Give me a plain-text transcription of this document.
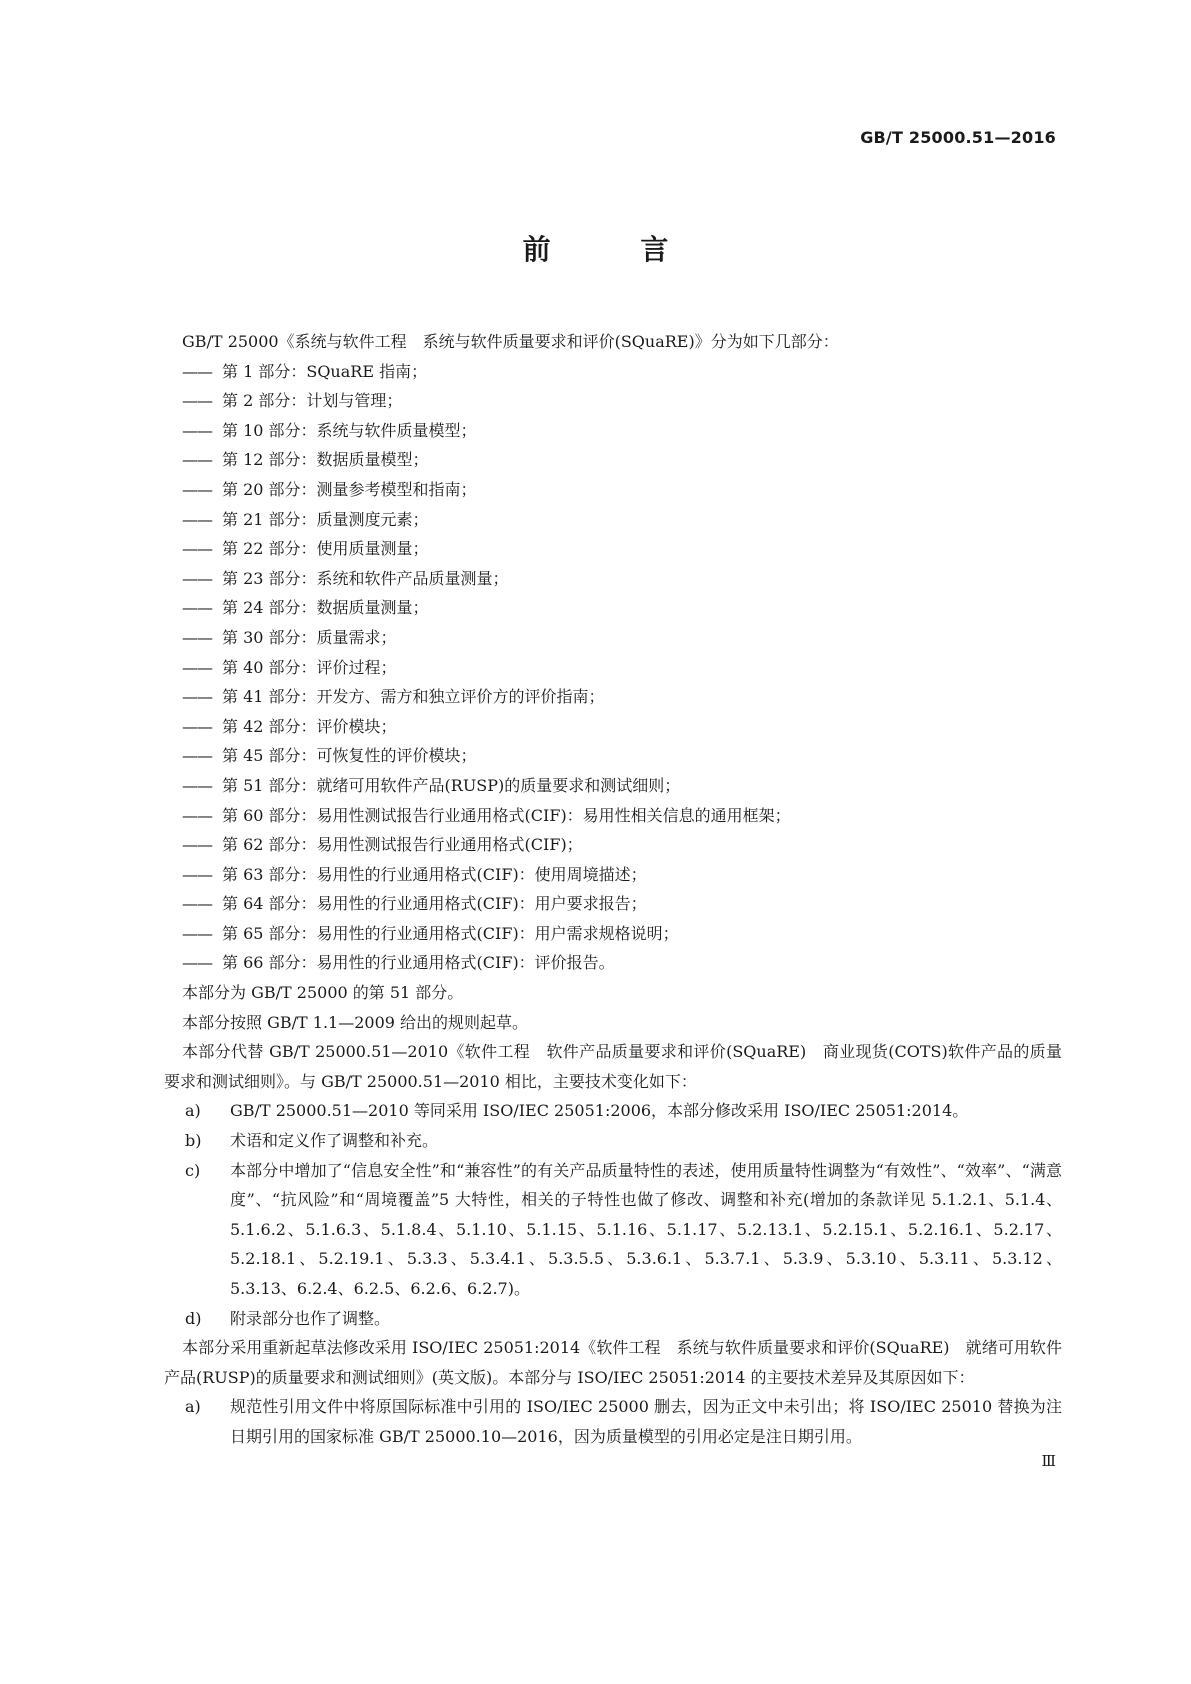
GB/T 25000.51—2016
前 言

GB/T 25000《系统与软件工程　系统与软件质量要求和评价(SQuaRE)》分为如下几部分：

—— 第 1 部分：SQuaRE 指南；

—— 第 2 部分：计划与管理；

—— 第 10 部分：系统与软件质量模型；

—— 第 12 部分：数据质量模型；

—— 第 20 部分：测量参考模型和指南；

—— 第 21 部分：质量测度元素；

—— 第 22 部分：使用质量测量；

—— 第 23 部分：系统和软件产品质量测量；

—— 第 24 部分：数据质量测量；

—— 第 30 部分：质量需求；

—— 第 40 部分：评价过程；

—— 第 41 部分：开发方、需方和独立评价方的评价指南；

—— 第 42 部分：评价模块；

—— 第 45 部分：可恢复性的评价模块；

—— 第 51 部分：就绪可用软件产品(RUSP)的质量要求和测试细则；

—— 第 60 部分：易用性测试报告行业通用格式(CIF)：易用性相关信息的通用框架；

—— 第 62 部分：易用性测试报告行业通用格式(CIF)；

—— 第 63 部分：易用性的行业通用格式(CIF)：使用周境描述；

—— 第 64 部分：易用性的行业通用格式(CIF)：用户要求报告；

—— 第 65 部分：易用性的行业通用格式(CIF)：用户需求规格说明；

—— 第 66 部分：易用性的行业通用格式(CIF)：评价报告。

本部分为 GB/T 25000 的第 51 部分。

本部分按照 GB/T 1.1—2009 给出的规则起草。

本部分代替 GB/T 25000.51—2010《软件工程　软件产品质量要求和评价(SQuaRE)　商业现货(COTS)软件产品的质量要求和测试细则》。与 GB/T 25000.51—2010 相比，主要技术变化如下：

a) GB/T 25000.51—2010 等同采用 ISO/IEC 25051:2006，本部分修改采用 ISO/IEC 25051:2014。

b) 术语和定义作了调整和补充。

c) 本部分中增加了“信息安全性”和“兼容性”的有关产品质量特性的表述，使用质量特性调整为“有效性”、“效率”、“满意度”、“抗风险”和“周境覆盖”5 大特性，相关的子特性也做了修改、调整和补充(增加的条款详见 5.1.2.1、5.1.4、5.1.6.2、5.1.6.3、5.1.8.4、5.1.10、5.1.15、5.1.16、5.1.17、5.2.13.1、5.2.15.1、5.2.16.1、5.2.17、5.2.18.1、5.2.19.1、5.3.3、5.3.4.1、5.3.5.5、5.3.6.1、5.3.7.1、5.3.9、5.3.10、5.3.11、5.3.12、5.3.13、6.2.4、6.2.5、6.2.6、6.2.7)。

d) 附录部分也作了调整。

本部分采用重新起草法修改采用 ISO/IEC 25051:2014《软件工程　系统与软件质量要求和评价(SQuaRE)　就绪可用软件产品(RUSP)的质量要求和测试细则》(英文版)。本部分与 ISO/IEC 25051:2014 的主要技术差异及其原因如下：

a) 规范性引用文件中将原国际标准中引用的 ISO/IEC 25000 删去，因为正文中未引出；将 ISO/IEC 25010 替换为注日期引用的国家标准 GB/T 25000.10—2016，因为质量模型的引用必定是注日期引用。

Ⅲ
